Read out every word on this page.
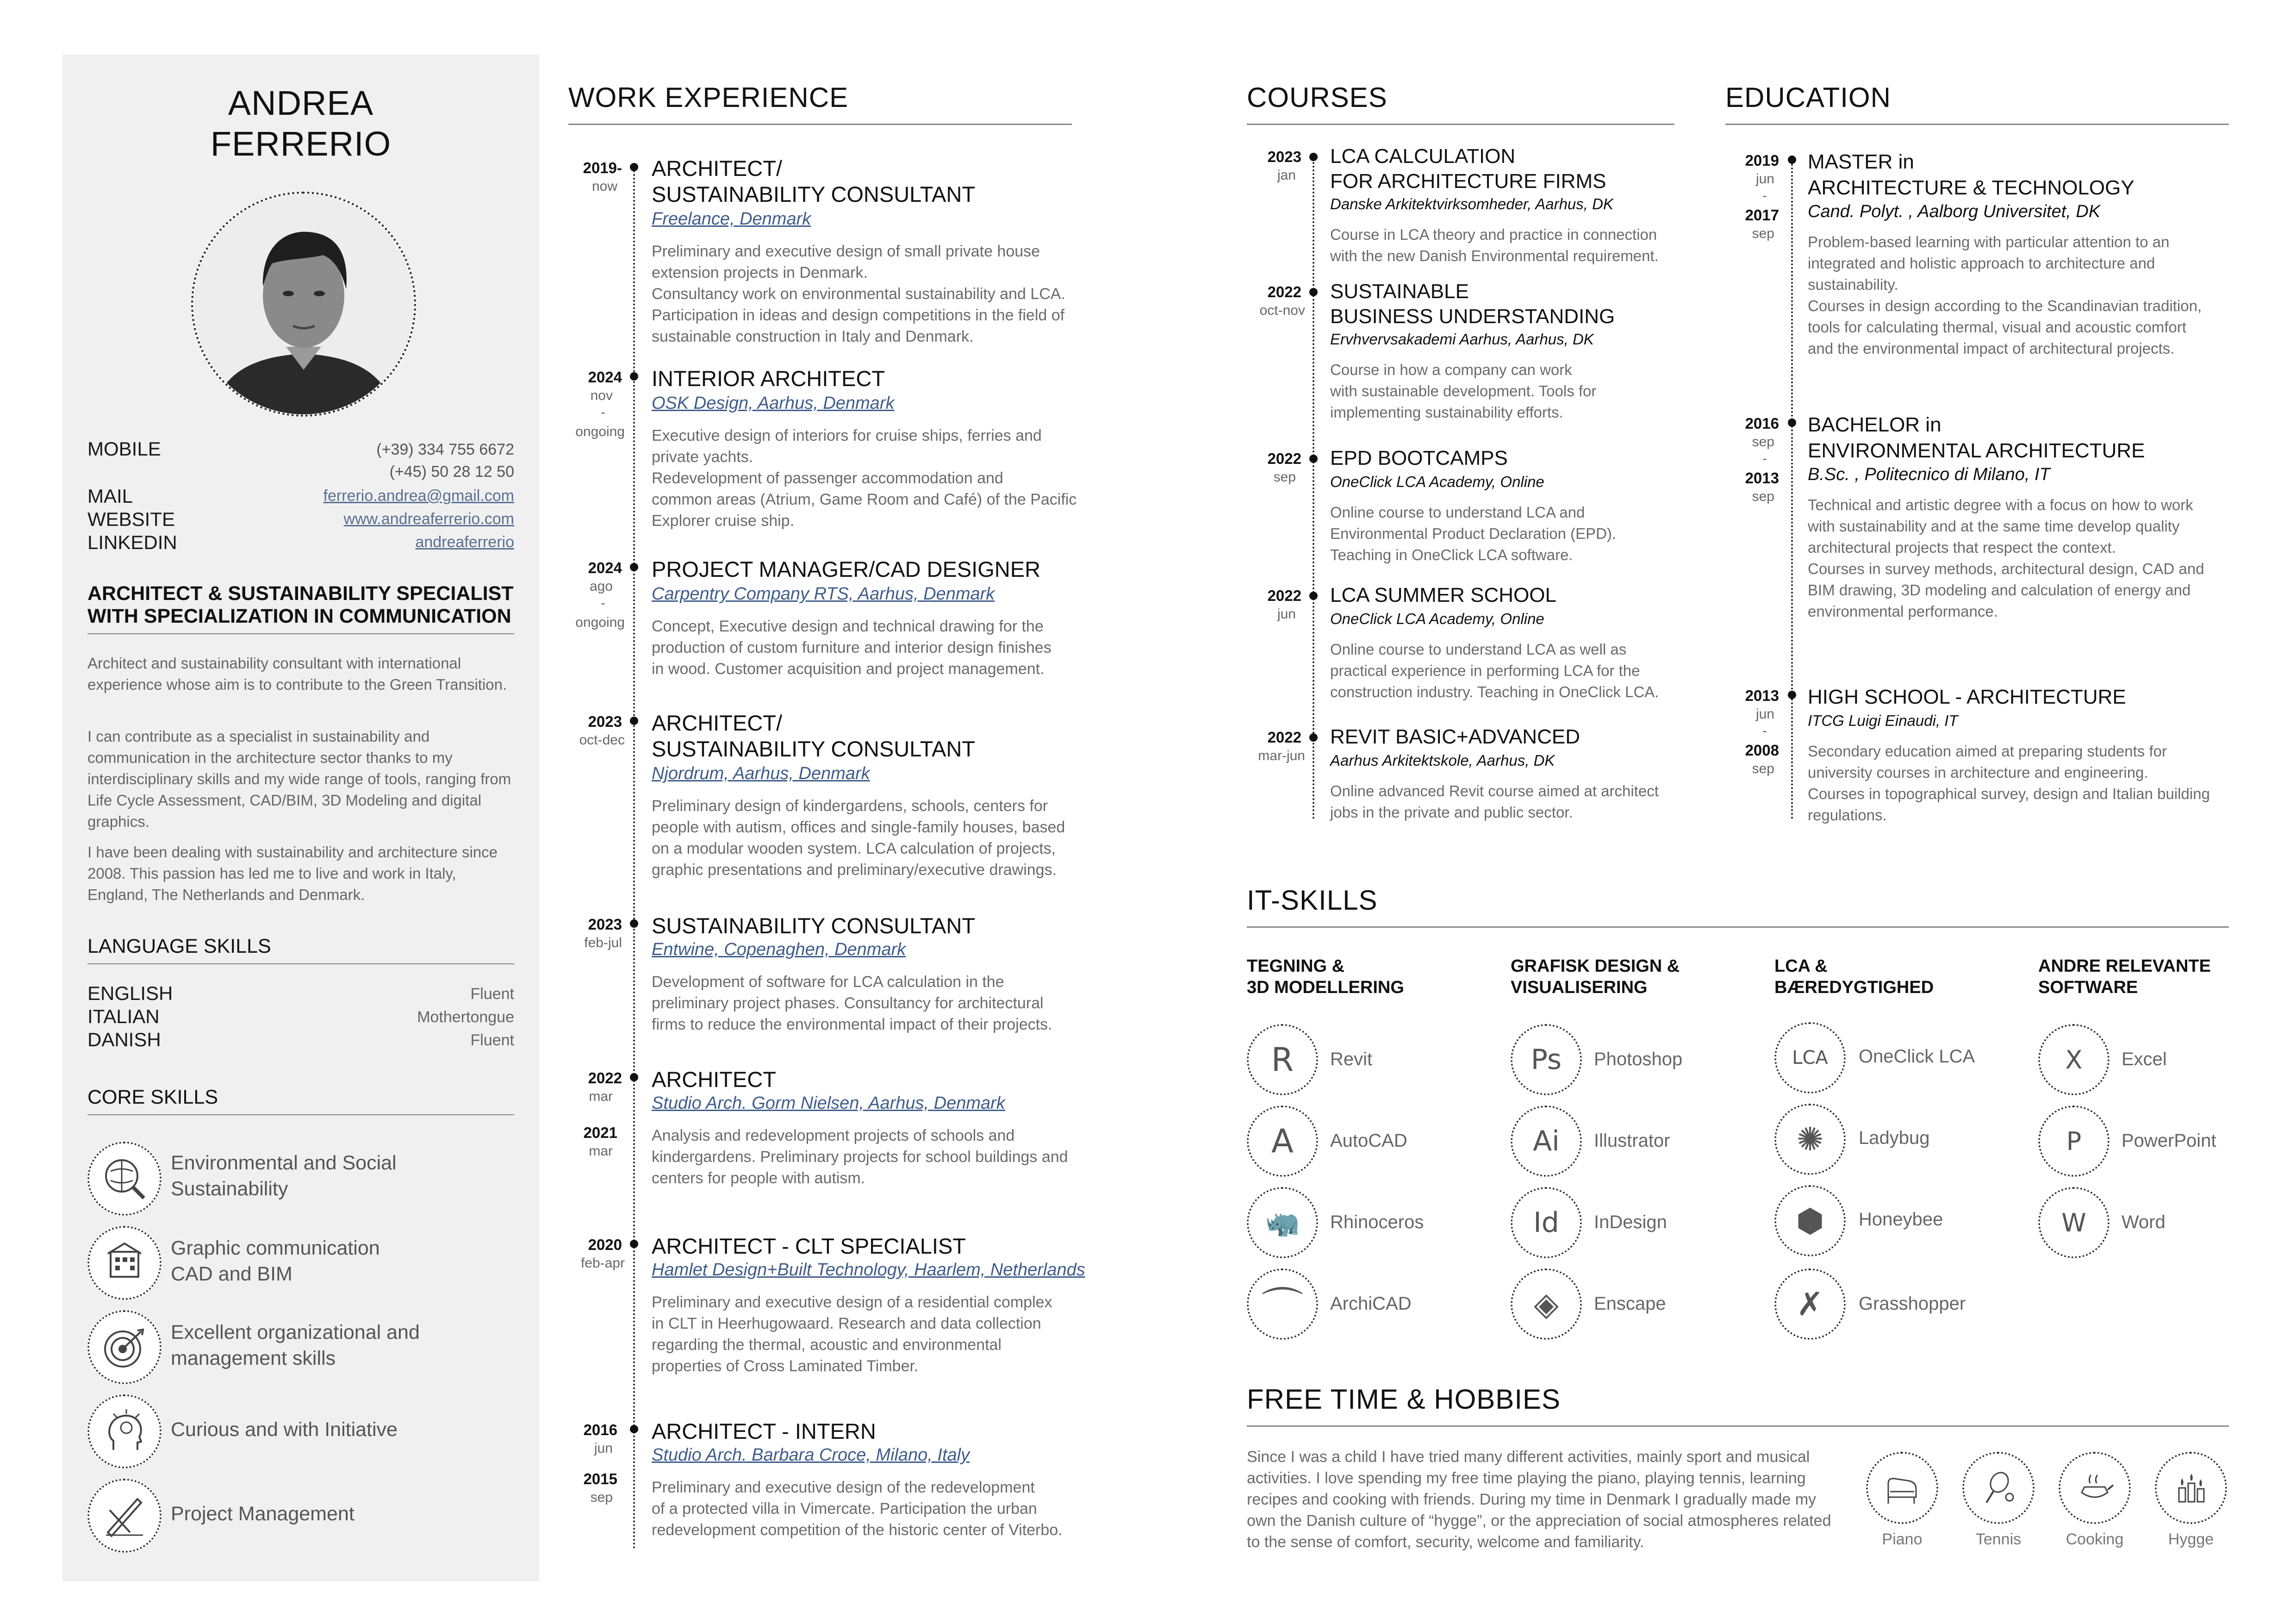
ANDREA
FERRERIO
MOBILE	(+39) 334 755 6672
(+45) 50 28 12 50
MAIL	ferrerio.andrea@gmail.com
WEBSITE	www.andreaferrerio.com
LINKEDIN	andreaferrerio
ARCHITECT & SUSTAINABILITY SPECIALIST
WITH SPECIALIZATION IN COMMUNICATION
Architect and sustainability consultant with international experience whose aim is to contribute to the Green Transition.
I can contribute as a specialist in sustainability and communication in the architecture sector thanks to my interdisciplinary skills and my wide range of tools, ranging from Life Cycle Assessment, CAD/BIM, 3D Modeling and digital graphics.
I have been dealing with sustainability and architecture since 2008. This passion has led me to live and work in Italy, England, The Netherlands and Denmark.
LANGUAGE SKILLS
ENGLISH	Fluent
ITALIAN	Mothertongue
DANISH	Fluent
CORE SKILLS
Environmental and Social
Sustainability
Graphic communication
CAD and BIM
Excellent organizational and
management skills
Curious and with Initiative
Project Management
WORK EXPERIENCE
2019-
now
ARCHITECT/
SUSTAINABILITY CONSULTANT
Freelance, Denmark
Preliminary and executive design of small private house
extension projects in Denmark.
Consultancy work on environmental sustainability and LCA.
Participation in ideas and design competitions in the field of
sustainable construction in Italy and Denmark.
2024
nov
-
ongoing
INTERIOR ARCHITECT
OSK Design, Aarhus, Denmark
Executive design of interiors for cruise ships, ferries and
private yachts.
Redevelopment of passenger accommodation and
common areas (Atrium, Game Room and Café) of the Pacific
Explorer cruise ship.
2024
ago
-
ongoing
PROJECT MANAGER/CAD DESIGNER
Carpentry Company RTS, Aarhus, Denmark
Concept, Executive design and technical drawing for the
production of custom furniture and interior design finishes
in wood. Customer acquisition and project management.
2023
oct-dec
ARCHITECT/
SUSTAINABILITY CONSULTANT
Njordrum, Aarhus, Denmark
Preliminary design of kindergardens, schools, centers for
people with autism, offices and single-family houses, based
on a modular wooden system. LCA calculation of projects,
graphic presentations and preliminary/executive drawings.
2023
feb-jul
SUSTAINABILITY CONSULTANT
Entwine, Copenaghen, Denmark
Development of software for LCA calculation in the
preliminary project phases. Consultancy for architectural
firms to reduce the environmental impact of their projects.
2022
mar
2021
mar
ARCHITECT
Studio Arch. Gorm Nielsen, Aarhus, Denmark
Analysis and redevelopment projects of schools and
kindergardens. Preliminary projects for school buildings and
centers for people with autism.
2020
feb-apr
ARCHITECT - CLT SPECIALIST
Hamlet Design+Built Technology, Haarlem, Netherlands
Preliminary and executive design of a residential complex
in CLT in Heerhugowaard. Research and data collection
regarding the thermal, acoustic and environmental
properties of Cross Laminated Timber.
2016
jun
2015
sep
ARCHITECT - INTERN
Studio Arch. Barbara Croce, Milano, Italy
Preliminary and executive design of the redevelopment
of a protected villa in Vimercate. Participation the urban
redevelopment competition of the historic center of Viterbo.
COURSES
2023
jan
LCA CALCULATION
FOR ARCHITECTURE FIRMS
Danske Arkitektvirksomheder, Aarhus, DK
Course in LCA theory and practice in connection
with the new Danish Environmental requirement.
2022
oct-nov
SUSTAINABLE
BUSINESS UNDERSTANDING
Ervhvervsakademi Aarhus, Aarhus, DK
Course in how a company can work
with sustainable development. Tools for
implementing sustainability efforts.
2022
sep
EPD BOOTCAMPS
OneClick LCA Academy, Online
Online course to understand LCA and
Environmental Product Declaration (EPD).
Teaching in OneClick LCA software.
2022
jun
LCA SUMMER SCHOOL
OneClick LCA Academy, Online
Online course to understand LCA as well as
practical experience in performing LCA for the
construction industry. Teaching in OneClick LCA.
2022
mar-jun
REVIT BASIC+ADVANCED
Aarhus Arkitektskole, Aarhus, DK
Online advanced Revit course aimed at architect
jobs in the private and public sector.
EDUCATION
2019
jun
-
2017
sep
MASTER in
ARCHITECTURE & TECHNOLOGY
Cand. Polyt. , Aalborg Universitet, DK
Problem-based learning with particular attention to an
integrated and holistic approach to architecture and
sustainability.
Courses in design according to the Scandinavian tradition,
tools for calculating thermal, visual and acoustic comfort
and the environmental impact of architectural projects.
2016
sep
-
2013
sep
BACHELOR in
ENVIRONMENTAL ARCHITECTURE
B.Sc. , Politecnico di Milano, IT
Technical and artistic degree with a focus on how to work
with sustainability and at the same time develop quality
architectural projects that respect the context.
Courses in survey methods, architectural design, CAD and
BIM drawing, 3D modeling and calculation of energy and
environmental performance.
2013
jun
-
2008
sep
HIGH SCHOOL - ARCHITECTURE
ITCG Luigi Einaudi, IT
Secondary education aimed at preparing students for
university courses in architecture and engineering.
Courses in topographical survey, design and Italian building
regulations.
IT-SKILLS
TEGNING &
3D MODELLERING
R	Revit
A	AutoCAD
🦏	Rhinoceros
⌒	ArchiCAD
GRAFISK DESIGN &
VISUALISERING
Ps	Photoshop
Ai	Illustrator
Id	InDesign
◈	Enscape
LCA &
BÆREDYGTIGHED
LCA	OneClick LCA
✺	Ladybug
⬢	Honeybee
✗	Grasshopper
ANDRE RELEVANTE
SOFTWARE
X	Excel
P	PowerPoint
W	Word
FREE TIME & HOBBIES
Since I was a child I have tried many different activities, mainly sport and musical
activities. I love spending my free time playing the piano, playing tennis, learning
recipes and cooking with friends. During my time in Denmark I gradually made my
own the Danish culture of “hygge”, or the appreciation of social atmospheres related
to the sense of comfort, security, welcome and familiarity.	Piano	Tennis	Cooking	Hygge
